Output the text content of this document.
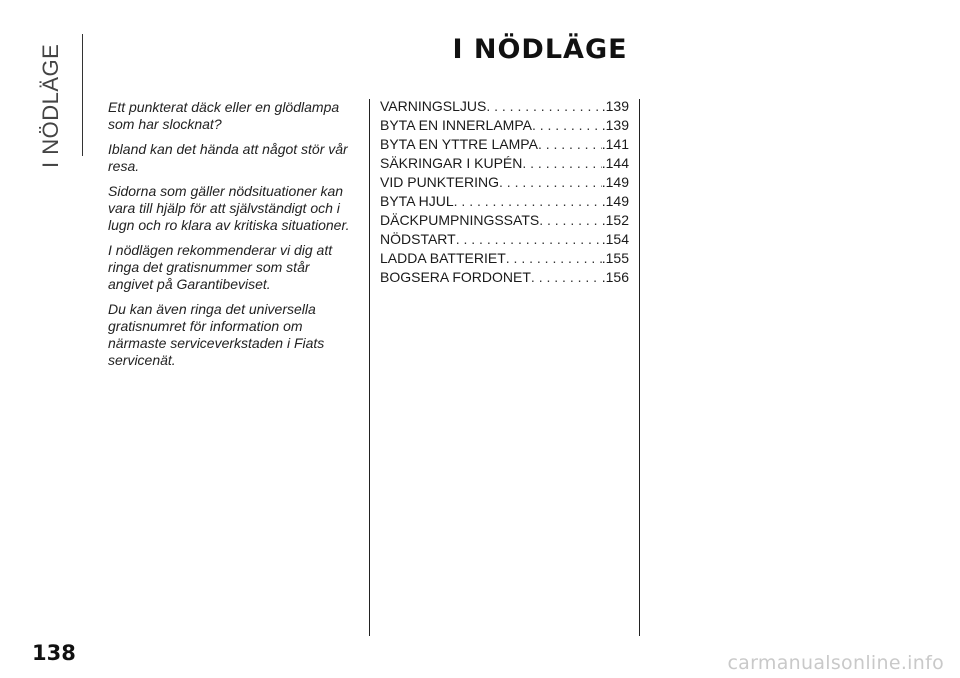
I NÖDLÄGE	I NÖDLÄGE

Ett punkterat däck eller en glödlampa som har slocknat?

Ibland kan det hända att något stör vår resa.

Sidorna som gäller nödsituationer kan vara till hjälp för att självständigt och i lugn och ro klara av kritiska situationer.

I nödlägen rekommenderar vi dig att ringa det gratisnummer som står angivet på Garantibeviset.

Du kan även ringa det universella gratisnumret för information om närmaste serviceverkstaden i Fiats servicenät.

VARNINGSLJUS . . .	.139
BYTA EN INNERLAMPA . . .	.139
BYTA EN YTTRE LAMPA . . .	.141
SÄKRINGAR I KUPÉN . . .	.144
VID PUNKTERING . . .	.149
BYTA HJUL . . .	.149
DÄCKPUMPNINGSSATS . . .	.152
NÖDSTART . . .	.154
LADDA BATTERIET . . .	.155
BOGSERA FORDONET . . .	.156
138	carmanualsonline.info
